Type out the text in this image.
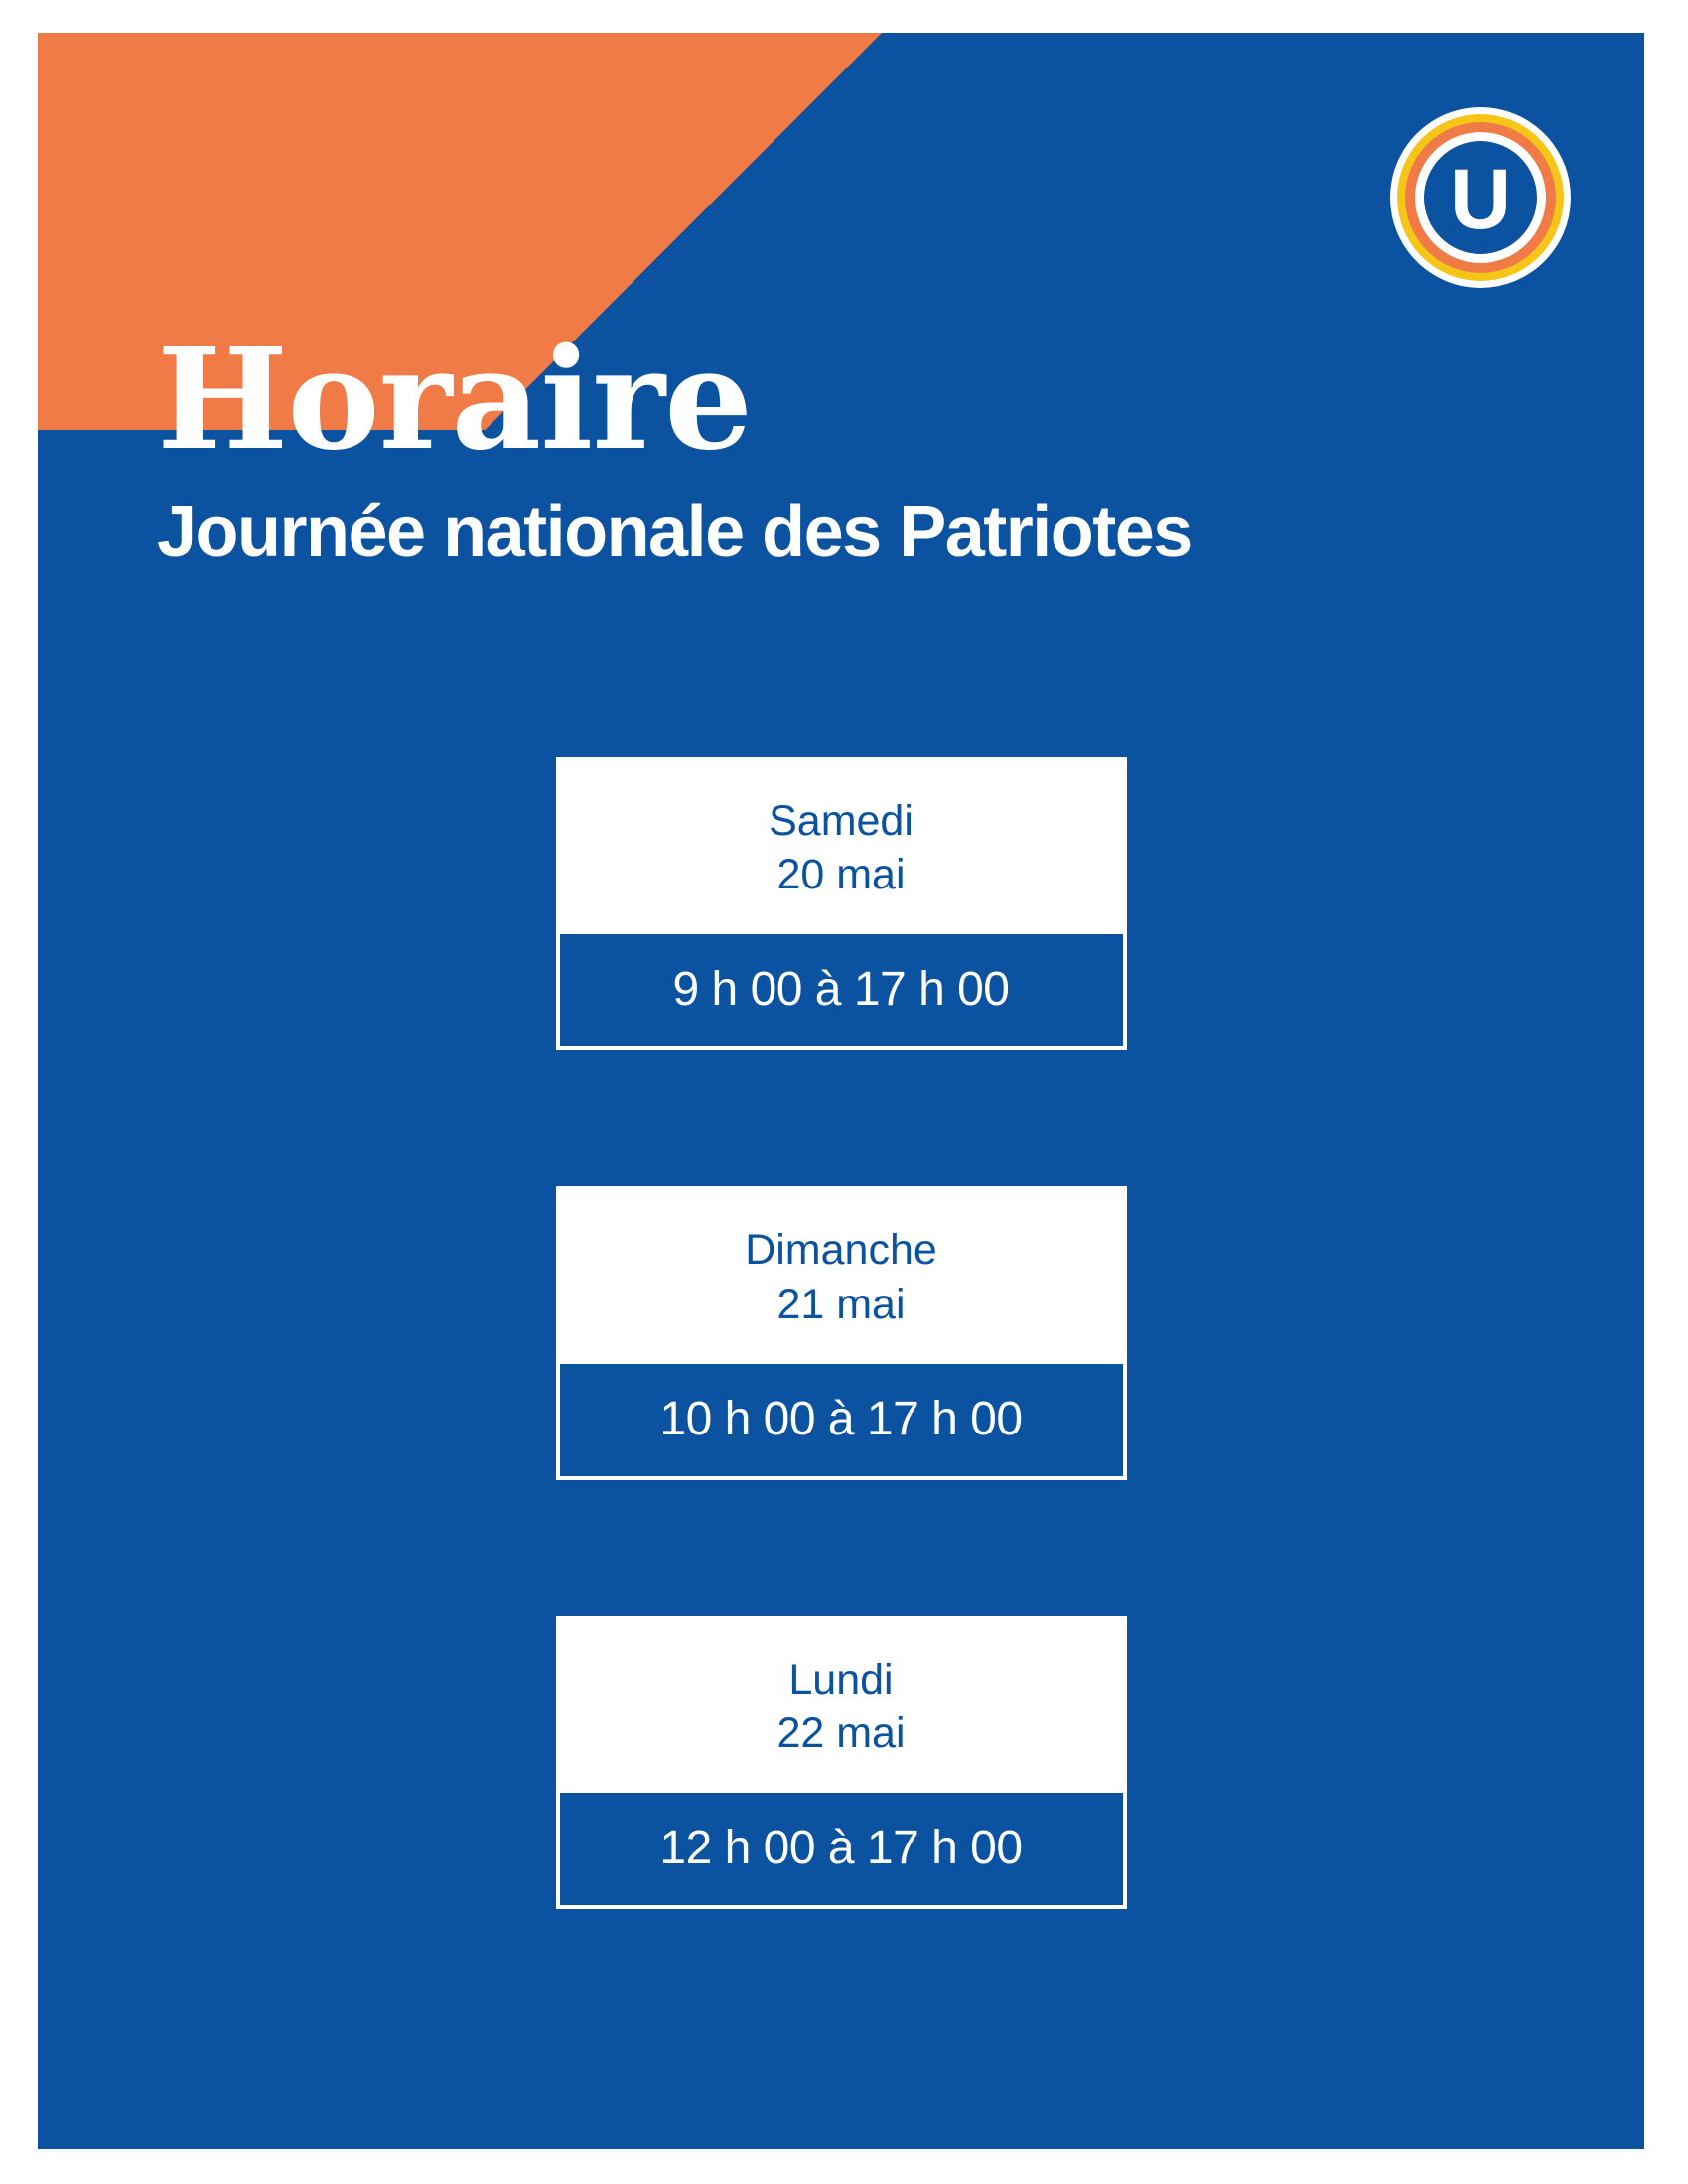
U
Horaire
Journée nationale des Patriotes
Samedi
20 mai
9 h 00 à 17 h 00
Dimanche
21 mai
10 h 00 à 17 h 00
Lundi
22 mai
12 h 00 à 17 h 00
